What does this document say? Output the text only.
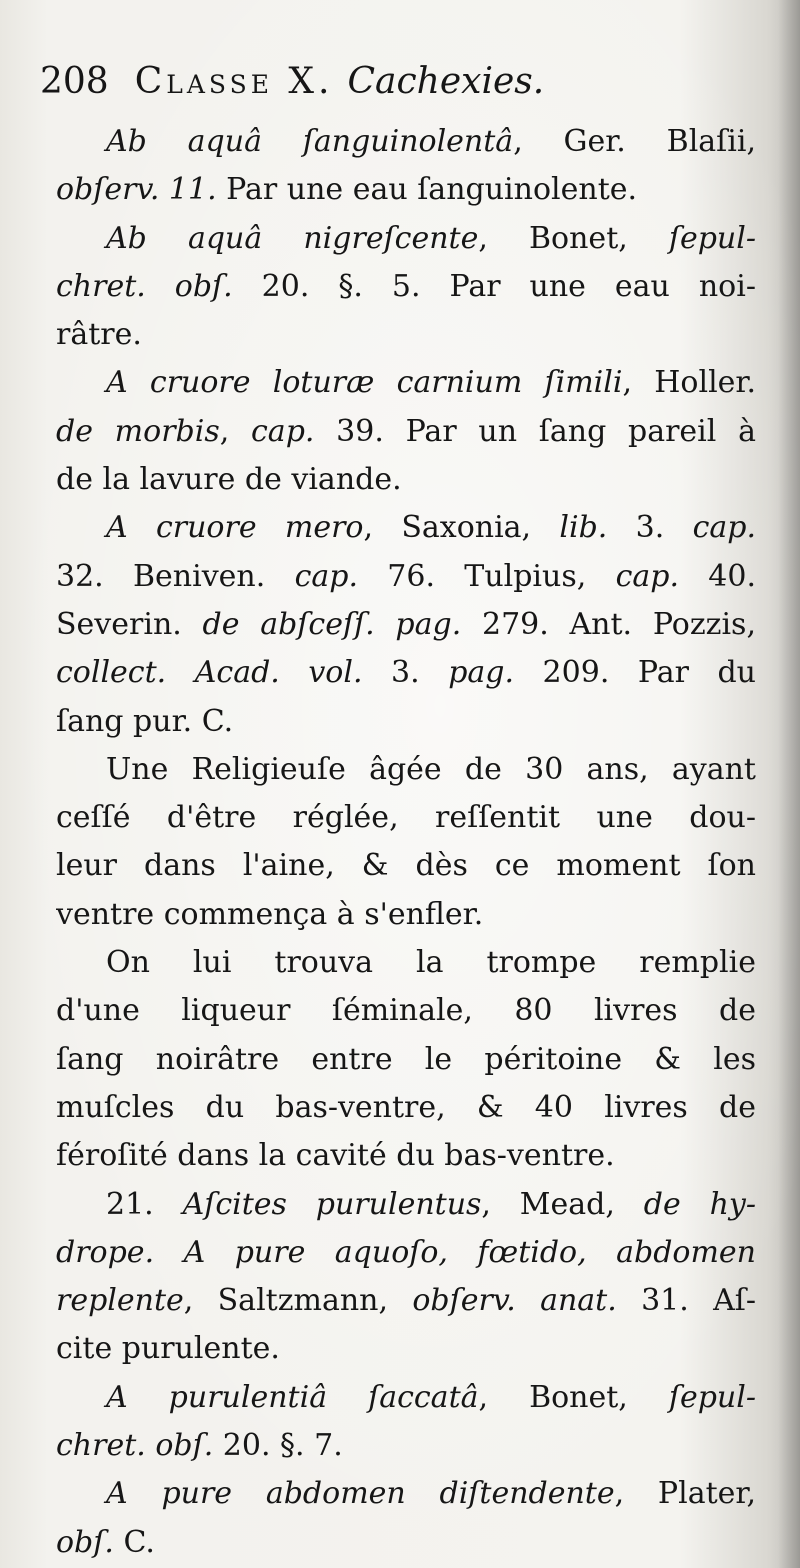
208 Classe X. Cachexies.
Ab aquâ ſanguinolentâ, Ger. Blaſii,
obſerv. 11. Par une eau ſanguinolente.
Ab aquâ nigreſcente, Bonet, ſepul-
chret. obſ. 20. §. 5. Par une eau noi-
râtre.
A cruore loturæ carnium ſimili, Holler.
de morbis, cap. 39. Par un ſang pareil à
de la lavure de viande.
A cruore mero, Saxonia, lib. 3. cap.
32. Beniven. cap. 76. Tulpius, cap. 40.
Severin. de abſceſſ. pag. 279. Ant. Pozzis,
collect. Acad. vol. 3. pag. 209. Par du
ſang pur. C.
Une Religieuſe âgée de 30 ans, ayant
ceſſé d'être réglée, reſſentit une dou-
leur dans l'aine, & dès ce moment ſon
ventre commença à s'enfler.
On lui trouva la trompe remplie
d'une liqueur ſéminale, 80 livres de
ſang noirâtre entre le péritoine & les
muſcles du bas-ventre, & 40 livres de
féroſité dans la cavité du bas-ventre.
21. Aſcites purulentus, Mead, de hy-
drope. A pure aquoſo, fœtido, abdomen
replente, Saltzmann, obſerv. anat. 31. Aſ-
cite purulente.
A purulentiâ ſaccatâ, Bonet, ſepul-
chret. obſ. 20. §. 7.
A pure abdomen diſtendente, Plater,
obſ. C.
